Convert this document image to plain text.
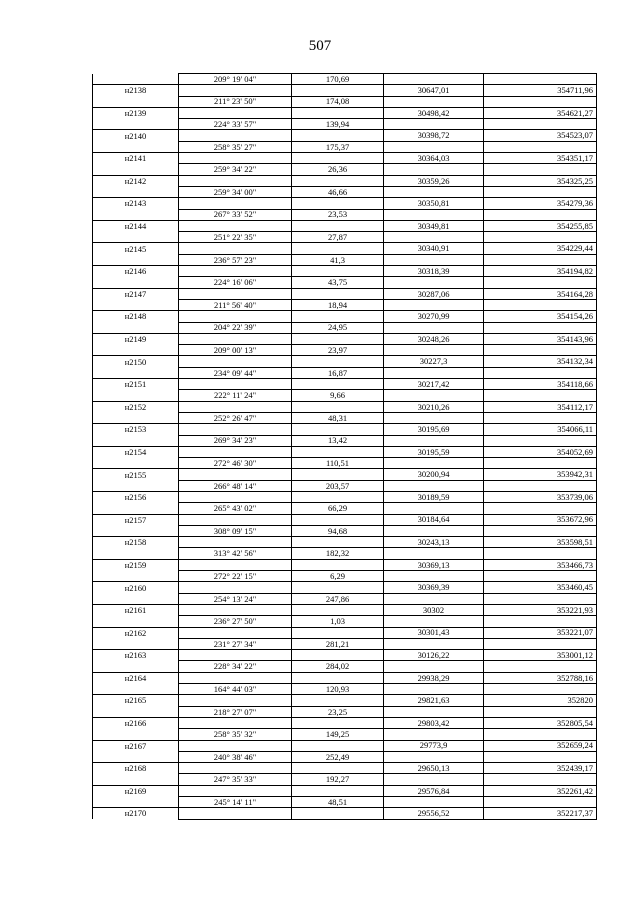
507
	209° 19' 04"	170,69		
н2138			30647,01	354711,96
	211° 23' 50"	174,08		
н2139			30498,42	354621,27
	224° 33' 57"	139,94		
н2140			30398,72	354523,07
	258° 35' 27"	175,37		
н2141			30364,03	354351,17
	259° 34' 22"	26,36		
н2142			30359,26	354325,25
	259° 34' 00"	46,66		
н2143			30350,81	354279,36
	267° 33' 52"	23,53		
н2144			30349,81	354255,85
	251° 22' 35"	27,87		
н2145			30340,91	354229,44
	236° 57' 23"	41,3		
н2146			30318,39	354194,82
	224° 16' 06"	43,75		
н2147			30287,06	354164,28
	211° 56' 40"	18,94		
н2148			30270,99	354154,26
	204° 22' 39"	24,95		
н2149			30248,26	354143,96
	209° 00' 13"	23,97		
н2150			30227,3	354132,34
	234° 09' 44"	16,87		
н2151			30217,42	354118,66
	222° 11' 24"	9,66		
н2152			30210,26	354112,17
	252° 26' 47"	48,31		
н2153			30195,69	354066,11
	269° 34' 23"	13,42		
н2154			30195,59	354052,69
	272° 46' 30"	110,51		
н2155			30200,94	353942,31
	266° 48' 14"	203,57		
н2156			30189,59	353739,06
	265° 43' 02"	66,29		
н2157			30184,64	353672,96
	308° 09' 15"	94,68		
н2158			30243,13	353598,51
	313° 42' 56"	182,32		
н2159			30369,13	353466,73
	272° 22' 15"	6,29		
н2160			30369,39	353460,45
	254° 13' 24"	247,86		
н2161			30302	353221,93
	236° 27' 50"	1,03		
н2162			30301,43	353221,07
	231° 27' 34"	281,21		
н2163			30126,22	353001,12
	228° 34' 22"	284,02		
н2164			29938,29	352788,16
	164° 44' 03"	120,93		
н2165			29821,63	352820
	218° 27' 07"	23,25		
н2166			29803,42	352805,54
	258° 35' 32"	149,25		
н2167			29773,9	352659,24
	240° 38' 46"	252,49		
н2168			29650,13	352439,17
	247° 35' 33"	192,27		
н2169			29576,84	352261,42
	245° 14' 11"	48,51		
н2170			29556,52	352217,37
